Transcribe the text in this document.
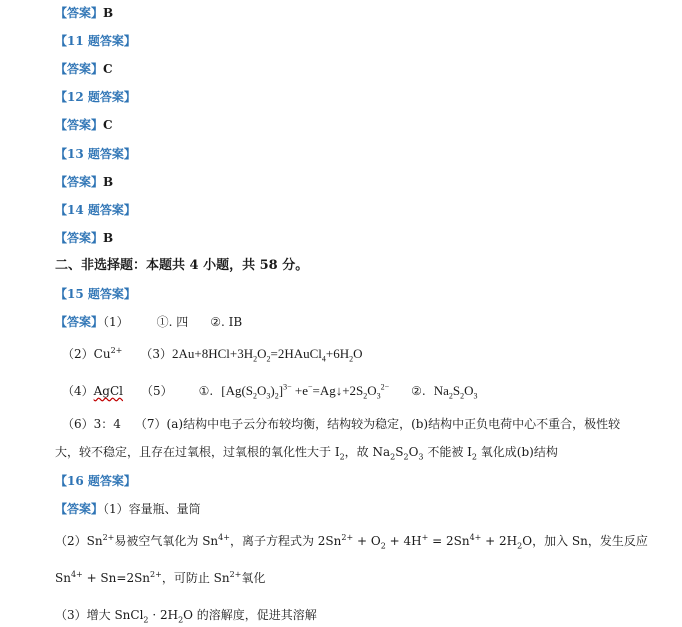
【答案】B
【11 题答案】
【答案】C
【12 题答案】
【答案】C
【13 题答案】
【答案】B
【14 题答案】
【答案】B
二、非选择题：本题共 4 小题，共 58 分。
【15 题答案】
【答案】（1） ①. 四 ②. ⅠB
$(2)Cu^{2+}$ $(3)2Au+8HCl+3H_2O_2=2HAuCl_4+6H_2O$
（4）AgCl （5） ①. $[Ag(S_2O_3)_2]^{3-}$ $+e^-=Ag↓+2S_2O_3^{2-}$ ②. $Na_2S_2O_3$
（6）3：4 （7）(a)结构中电子云分布较均衡，结构较为稳定，(b)结构中正负电荷中心不重合，极性较
大，较不稳定，且存在过氧根，过氧根的氧化性大于 $I_2$，故 $Na_2S_2O_3$ 不能被 $I_2$ 氧化成(b)结构
【16 题答案】
【答案】（1）容量瓶、量筒
$(2)Sn^{2+}$易被空气氧化为 $Sn^{4+}$，离子方程式为 $2Sn^{2+} + O_2 + 4H^+ = 2Sn^{4+} + 2H_2O$，加入 Sn，发生反应
$Sn^{4+} + Sn=2Sn^{2+}$，可防止 $Sn^{2+}$氧化
（3）增大 SnCl$_2$ · $2H_2O$ 的溶解度，促进其溶解
